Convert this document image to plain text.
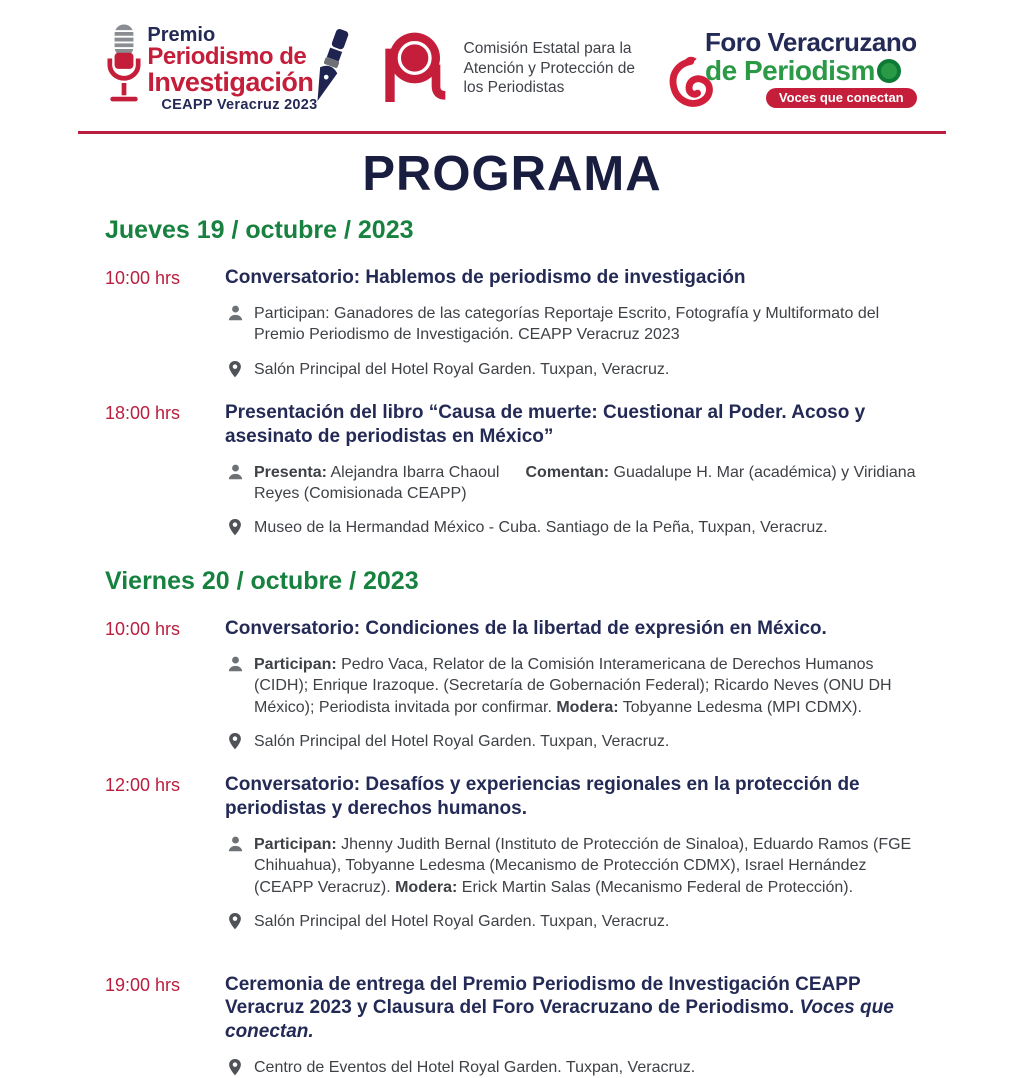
Premio
Periodismo de
Investigación
CEAPP Veracruz 2023
Comisión Estatal para la
Atención y Protección de
los Periodistas
Foro Veracruzano
de Periodism
Voces que conectan
PROGRAMA
Jueves 19 / octubre / 2023
10:00 hrs	Conversatorio: Hablemos de periodismo de investigación

Participan: Ganadores de las categorías Reportaje Escrito, Fotografía y Multiformato del Premio Periodismo de Investigación. CEAPP Veracruz 2023

Salón Principal del Hotel Royal Garden. Tuxpan, Veracruz.

18:00 hrs	Presentación del libro “Causa de muerte: Cuestionar al Poder. Acoso y asesinato de periodistas en México”

Presenta: Alejandra Ibarra Chaoul Comentan: Guadalupe H. Mar (académica) y Viridiana Reyes (Comisionada CEAPP)

Museo de la Hermandad México - Cuba. Santiago de la Peña, Tuxpan, Veracruz.

Viernes 20 / octubre / 2023
10:00 hrs	Conversatorio: Condiciones de la libertad de expresión en México.

Participan: Pedro Vaca, Relator de la Comisión Interamericana de Derechos Humanos (CIDH); Enrique Irazoque. (Secretaría de Gobernación Federal); Ricardo Neves (ONU DH México); Periodista invitada por confirmar. Modera: Tobyanne Ledesma (MPI CDMX).

Salón Principal del Hotel Royal Garden. Tuxpan, Veracruz.

12:00 hrs	Conversatorio: Desafíos y experiencias regionales en la protección de periodistas y derechos humanos.

Participan: Jhenny Judith Bernal (Instituto de Protección de Sinaloa), Eduardo Ramos (FGE Chihuahua), Tobyanne Ledesma (Mecanismo de Protección CDMX), Israel Hernández (CEAPP Veracruz). Modera: Erick Martin Salas (Mecanismo Federal de Protección).

Salón Principal del Hotel Royal Garden. Tuxpan, Veracruz.

19:00 hrs	Ceremonia de entrega del Premio Periodismo de Investigación CEAPP Veracruz 2023 y Clausura del Foro Veracruzano de Periodismo. Voces que conectan.

Centro de Eventos del Hotel Royal Garden. Tuxpan, Veracruz.
